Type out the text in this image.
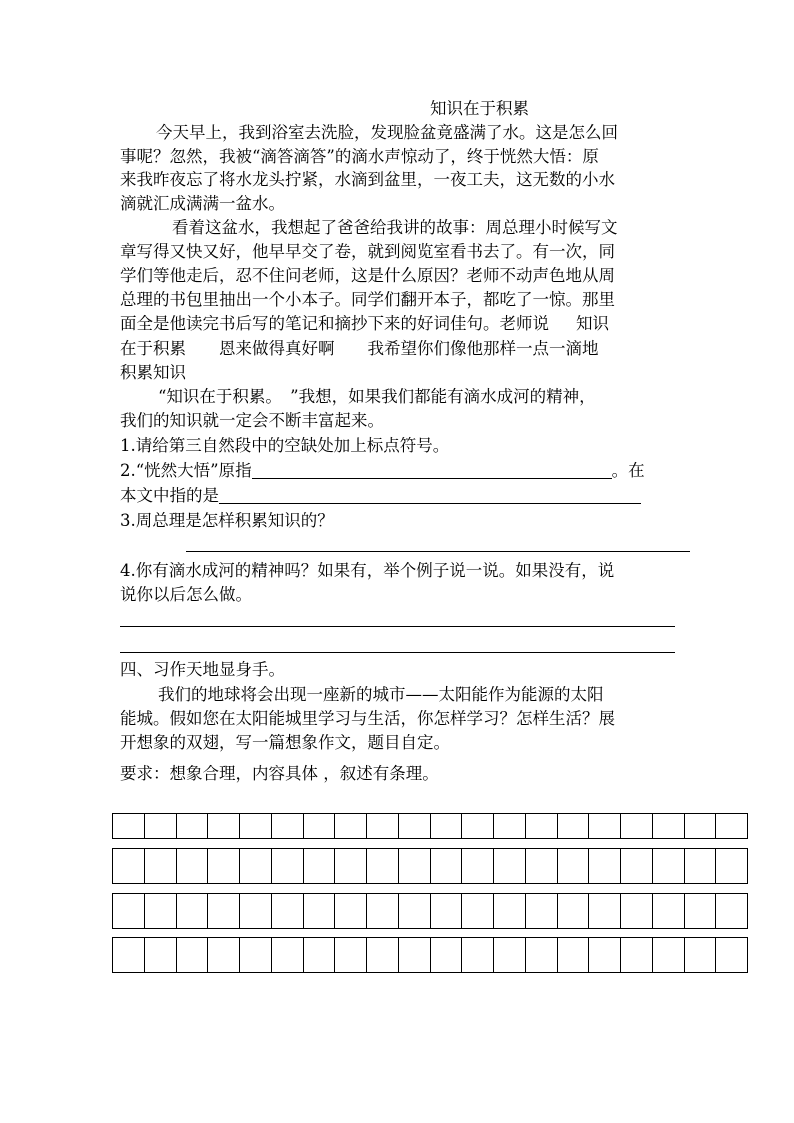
知识在于积累
今天早上，我到浴室去洗脸，发现脸盆竟盛满了水。这是怎么回
事呢？忽然，我被“滴答滴答”的滴水声惊动了，终于恍然大悟：原
来我昨夜忘了将水龙头拧紧，水滴到盆里，一夜工夫，这无数的小水
滴就汇成满满一盆水。
看着这盆水，我想起了爸爸给我讲的故事：周总理小时候写文
章写得又快又好，他早早交了卷，就到阅览室看书去了。有一次，同
学们等他走后，忍不住问老师，这是什么原因？老师不动声色地从周
总理的书包里抽出一个小本子。同学们翻开本子，都吃了一惊。那里
面全是他读完书后写的笔记和摘抄下来的好词佳句。老师说 　 知识
在于积累　　恩来做得真好啊　　我希望你们像他那样一点一滴地
积累知识
“知识在于积累。　”我想，如果我们都能有滴水成河的精神，
我们的知识就一定会不断丰富起来。
1.请给第三自然段中的空缺处加上标点符号。
2.“恍然大悟”原指	。在
本文中指的是
3.周总理是怎样积累知识的？
4.你有滴水成河的精神吗？如果有，举个例子说一说。如果没有，说
说你以后怎么做。
四、习作天地显身手。
我们的地球将会出现一座新的城市——太阳能作为能源的太阳
能城。假如您在太阳能城里学习与生活，你怎样学习？怎样生活？展
开想象的双翅，写一篇想象作文，题目自定。
要求：想象合理，内容具体 ，叙述有条理。
